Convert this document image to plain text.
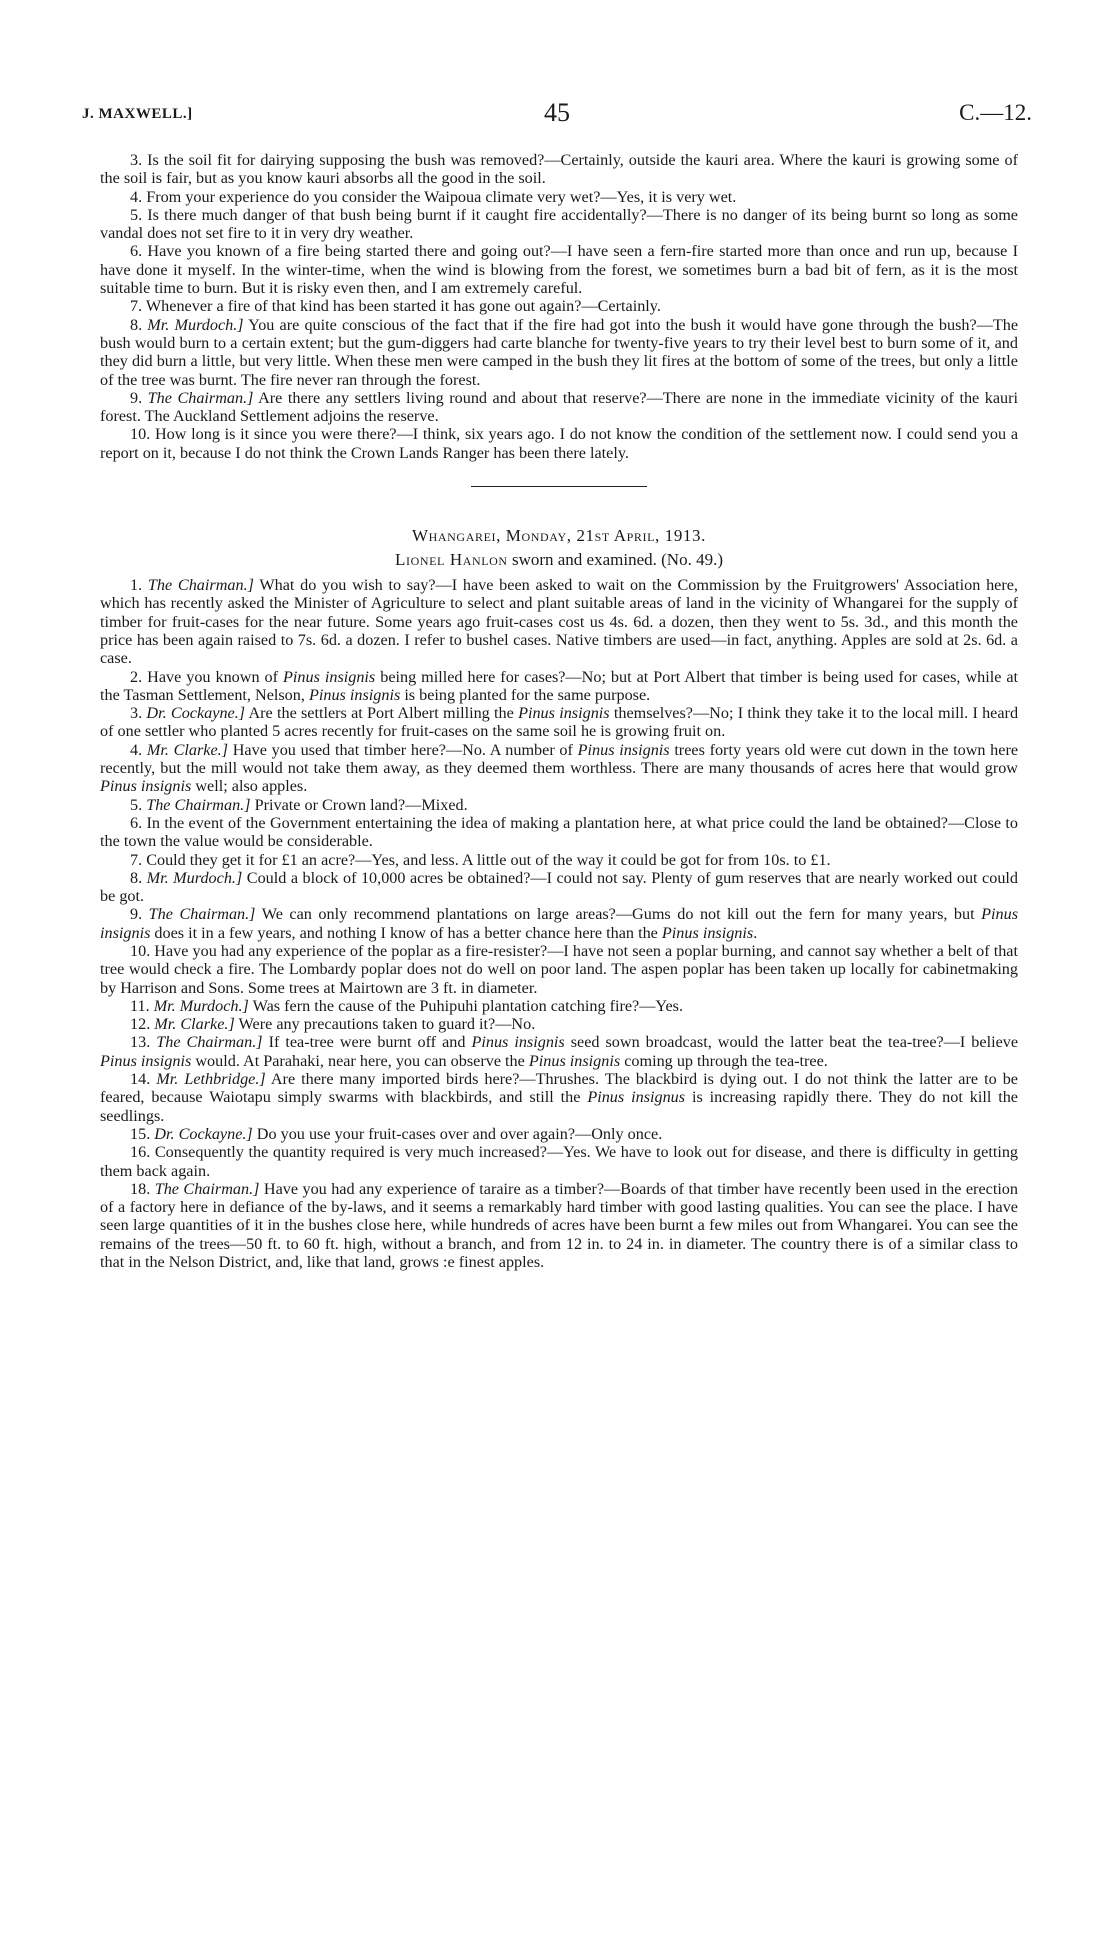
J. MAXWELL.]	45	C.—12.

3. Is the soil fit for dairying supposing the bush was removed?—Certainly, outside the kauri area. Where the kauri is growing some of the soil is fair, but as you know kauri absorbs all the good in the soil.

4. From your experience do you consider the Waipoua climate very wet?—Yes, it is very wet.

5. Is there much danger of that bush being burnt if it caught fire accidentally?—There is no danger of its being burnt so long as some vandal does not set fire to it in very dry weather.

6. Have you known of a fire being started there and going out?—I have seen a fern-fire started more than once and run up, because I have done it myself. In the winter-time, when the wind is blowing from the forest, we sometimes burn a bad bit of fern, as it is the most suitable time to burn. But it is risky even then, and I am extremely careful.

7. Whenever a fire of that kind has been started it has gone out again?—Certainly.

8. Mr. Murdoch.] You are quite conscious of the fact that if the fire had got into the bush it would have gone through the bush?—The bush would burn to a certain extent; but the gum-diggers had carte blanche for twenty-five years to try their level best to burn some of it, and they did burn a little, but very little. When these men were camped in the bush they lit fires at the bottom of some of the trees, but only a little of the tree was burnt. The fire never ran through the forest.

9. The Chairman.] Are there any settlers living round and about that reserve?—There are none in the immediate vicinity of the kauri forest. The Auckland Settlement adjoins the reserve.

10. How long is it since you were there?—I think, six years ago. I do not know the condition of the settlement now. I could send you a report on it, because I do not think the Crown Lands Ranger has been there lately.

Whangarei, Monday, 21st April, 1913.

Lionel Hanlon sworn and examined. (No. 49.)

1. The Chairman.] What do you wish to say?—I have been asked to wait on the Commission by the Fruitgrowers' Association here, which has recently asked the Minister of Agriculture to select and plant suitable areas of land in the vicinity of Whangarei for the supply of timber for fruit-cases for the near future. Some years ago fruit-cases cost us 4s. 6d. a dozen, then they went to 5s. 3d., and this month the price has been again raised to 7s. 6d. a dozen. I refer to bushel cases. Native timbers are used—in fact, anything. Apples are sold at 2s. 6d. a case.

2. Have you known of Pinus insignis being milled here for cases?—No; but at Port Albert that timber is being used for cases, while at the Tasman Settlement, Nelson, Pinus insignis is being planted for the same purpose.

3. Dr. Cockayne.] Are the settlers at Port Albert milling the Pinus insignis themselves?—No; I think they take it to the local mill. I heard of one settler who planted 5 acres recently for fruit-cases on the same soil he is growing fruit on.

4. Mr. Clarke.] Have you used that timber here?—No. A number of Pinus insignis trees forty years old were cut down in the town here recently, but the mill would not take them away, as they deemed them worthless. There are many thousands of acres here that would grow Pinus insignis well; also apples.

5. The Chairman.] Private or Crown land?—Mixed.

6. In the event of the Government entertaining the idea of making a plantation here, at what price could the land be obtained?—Close to the town the value would be considerable.

7. Could they get it for £1 an acre?—Yes, and less. A little out of the way it could be got for from 10s. to £1.

8. Mr. Murdoch.] Could a block of 10,000 acres be obtained?—I could not say. Plenty of gum reserves that are nearly worked out could be got.

9. The Chairman.] We can only recommend plantations on large areas?—Gums do not kill out the fern for many years, but Pinus insignis does it in a few years, and nothing I know of has a better chance here than the Pinus insignis.

10. Have you had any experience of the poplar as a fire-resister?—I have not seen a poplar burning, and cannot say whether a belt of that tree would check a fire. The Lombardy poplar does not do well on poor land. The aspen poplar has been taken up locally for cabinetmaking by Harrison and Sons. Some trees at Mairtown are 3 ft. in diameter.

11. Mr. Murdoch.] Was fern the cause of the Puhipuhi plantation catching fire?—Yes.

12. Mr. Clarke.] Were any precautions taken to guard it?—No.

13. The Chairman.] If tea-tree were burnt off and Pinus insignis seed sown broadcast, would the latter beat the tea-tree?—I believe Pinus insignis would. At Parahaki, near here, you can observe the Pinus insignis coming up through the tea-tree.

14. Mr. Lethbridge.] Are there many imported birds here?—Thrushes. The blackbird is dying out. I do not think the latter are to be feared, because Waiotapu simply swarms with blackbirds, and still the Pinus insignus is increasing rapidly there. They do not kill the seedlings.

15. Dr. Cockayne.] Do you use your fruit-cases over and over again?—Only once.

16. Consequently the quantity required is very much increased?—Yes. We have to look out for disease, and there is difficulty in getting them back again.

18. The Chairman.] Have you had any experience of taraire as a timber?—Boards of that timber have recently been used in the erection of a factory here in defiance of the by-laws, and it seems a remarkably hard timber with good lasting qualities. You can see the place. I have seen large quantities of it in the bushes close here, while hundreds of acres have been burnt a few miles out from Whangarei. You can see the remains of the trees—50 ft. to 60 ft. high, without a branch, and from 12 in. to 24 in. in diameter. The country there is of a similar class to that in the Nelson District, and, like that land, grows :e finest apples.
